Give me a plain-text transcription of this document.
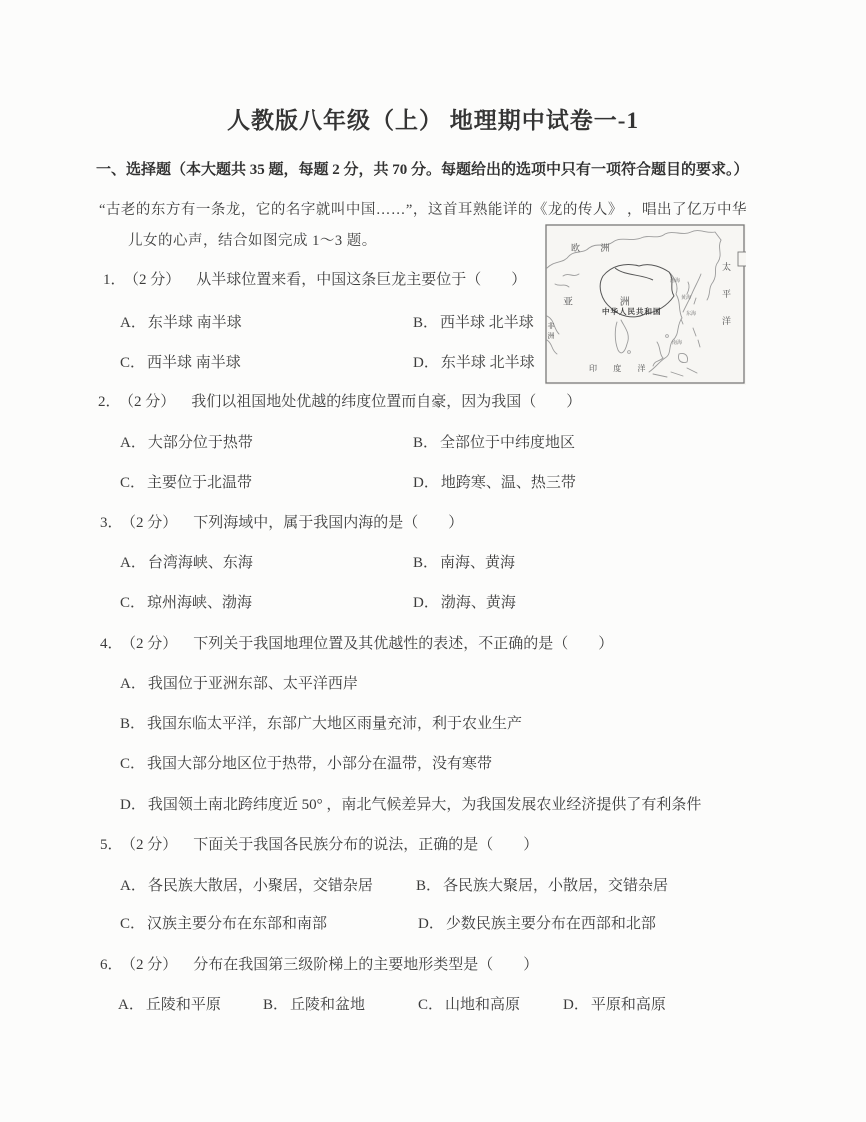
人教版八年级（上） 地理期中试卷一-1
一、选择题（本大题共 35 题，每题 2 分，共 70 分。每题给出的选项中只有一项符合题目的要求。）
“古老的东方有一条龙，它的名字就叫中国……”，这首耳熟能详的《龙的传人》 ，唱出了亿万中华
儿女的心声，结合如图完成 1～3 题。	欧 洲
亚 洲
中华人民共和国	太平洋
印 度 洋
非洲
渤海
黄海
东海
南海
1． （2 分） 从半球位置来看，中国这条巨龙主要位于（　　）
A． 东半球 南半球	B． 西半球 北半球
C． 西半球 南半球	D． 东半球 北半球
2． （2 分） 我们以祖国地处优越的纬度位置而自豪，因为我国（　　）
A． 大部分位于热带	B． 全部位于中纬度地区
C． 主要位于北温带	D． 地跨寒、温、热三带
3． （2 分） 下列海域中，属于我国内海的是（　　）
A． 台湾海峡、东海	B． 南海、黄海
C． 琼州海峡、渤海	D． 渤海、黄海
4． （2 分） 下列关于我国地理位置及其优越性的表述，不正确的是（　　）
A． 我国位于亚洲东部、太平洋西岸
B． 我国东临太平洋，东部广大地区雨量充沛，利于农业生产
C． 我国大部分地区位于热带，小部分在温带，没有寒带
D． 我国领土南北跨纬度近 50° ，南北气候差异大，为我国发展农业经济提供了有利条件
5． （2 分） 下面关于我国各民族分布的说法，正确的是（　　）
A． 各民族大散居，小聚居，交错杂居	B． 各民族大聚居，小散居，交错杂居
C． 汉族主要分布在东部和南部	D． 少数民族主要分布在西部和北部
6． （2 分） 分布在我国第三级阶梯上的主要地形类型是（　　）
A． 丘陵和平原	B． 丘陵和盆地	C． 山地和高原	D． 平原和高原
